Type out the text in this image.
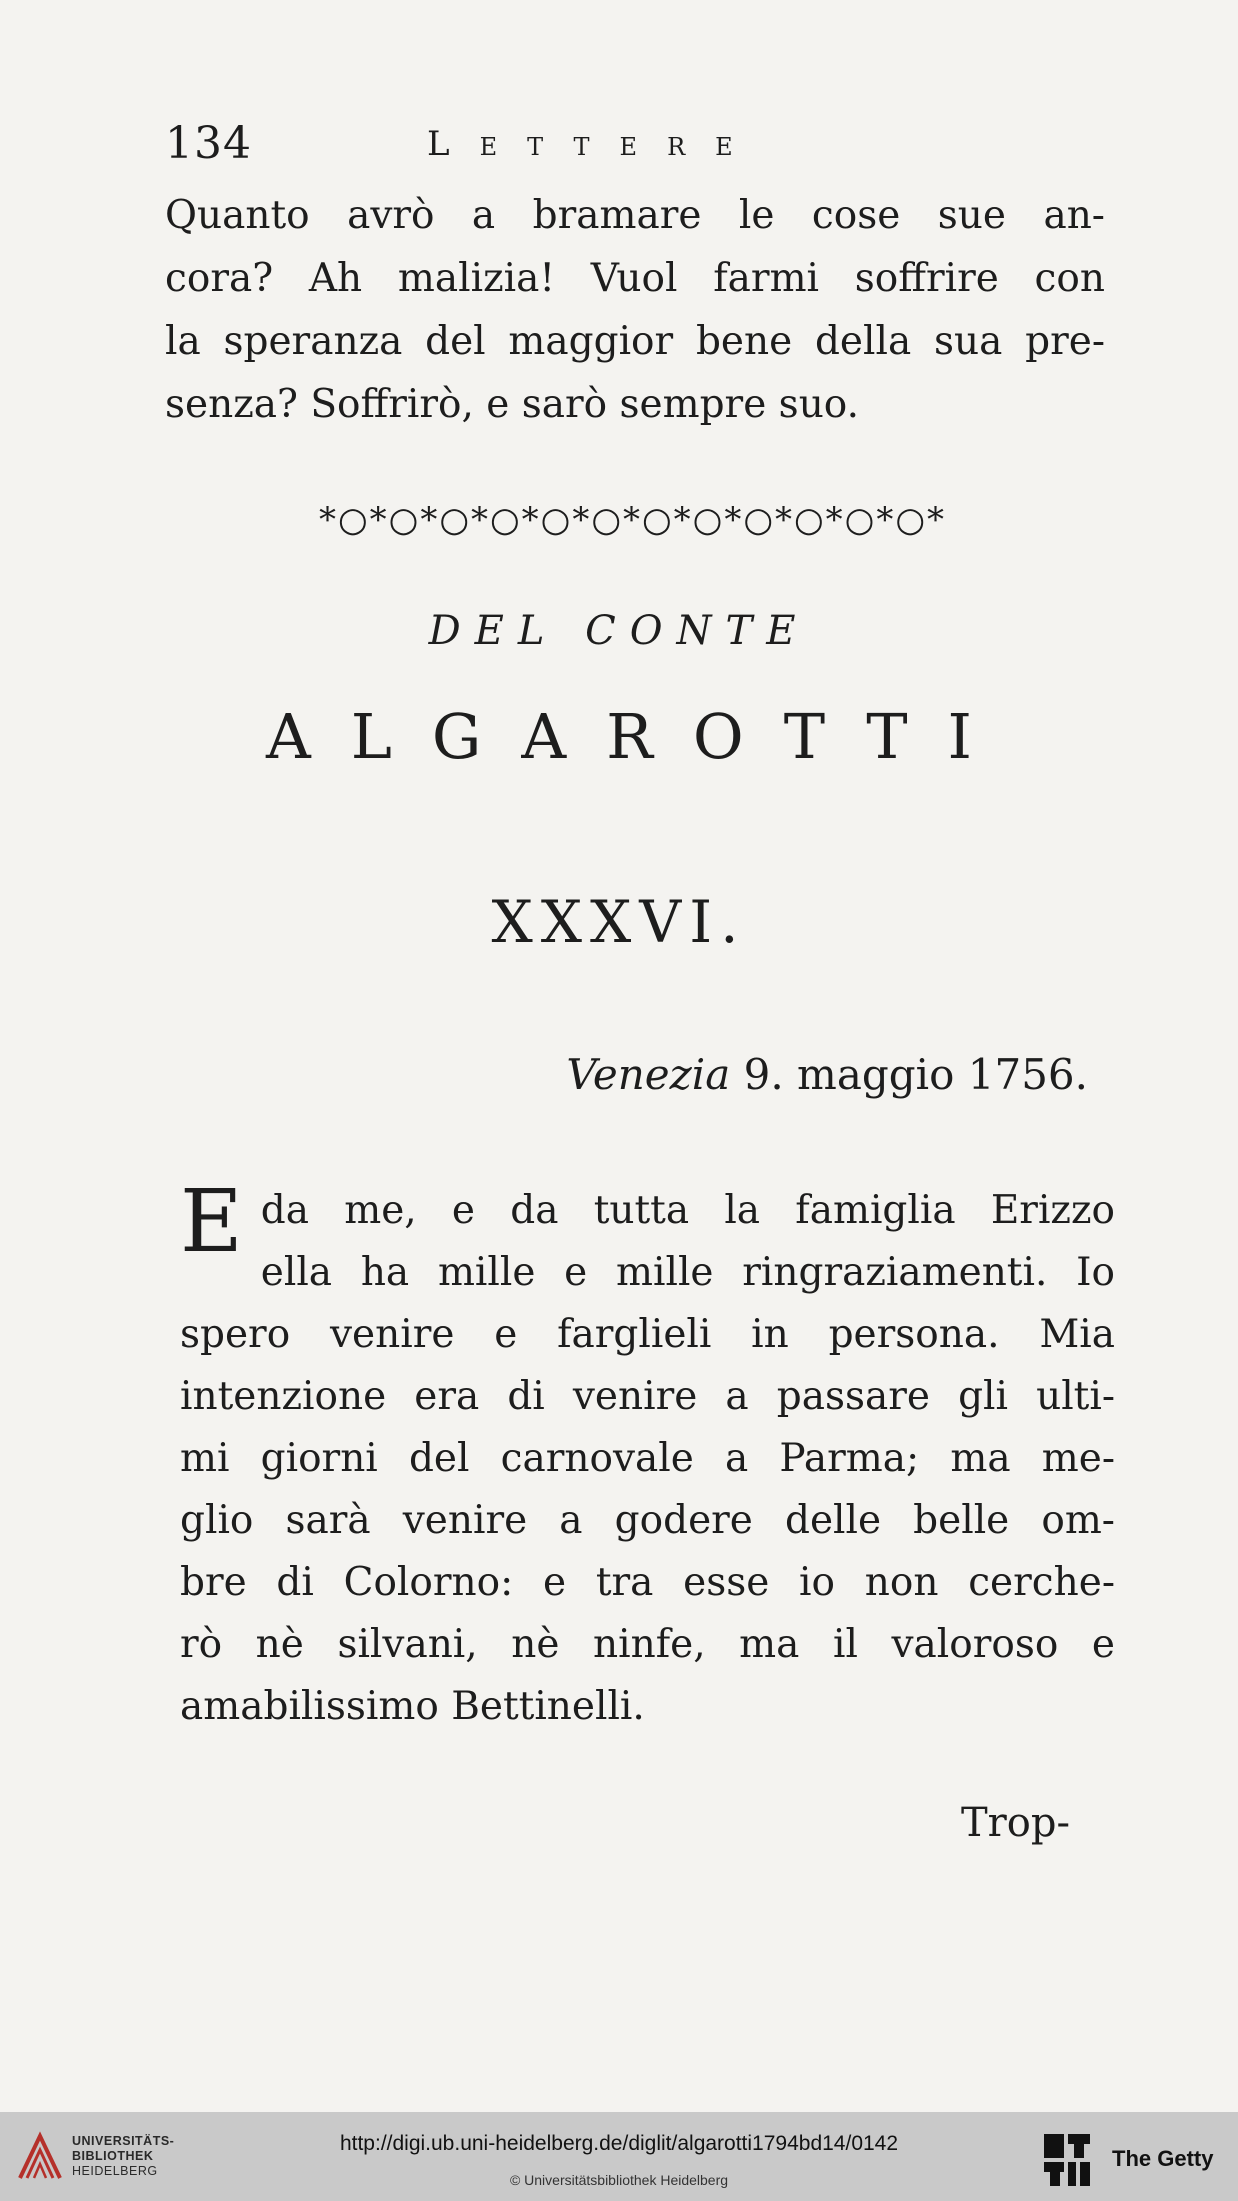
134	Lettere

Quanto avrò a bramare le cose sue an-
cora? Ah malizia! Vuol farmi soffrire con
la speranza del maggior bene della sua pre-
senza? Soffrirò, e sarò sempre suo.

*○*○*○*○*○*○*○*○*○*○*○*○*
DEL CONTE
ALGAROTTI
XXXVI.
Venezia 9. maggio 1756.

E da me, e da tutta la famiglia Erizzo
ella ha mille e mille ringraziamenti. Io
spero venire e farglieli in persona. Mia
intenzione era di venire a passare gli ulti-
mi giorni del carnovale a Parma; ma me-
glio sarà venire a godere delle belle om-
bre di Colorno: e tra esse io non cerche-
rò nè silvani, nè ninfe, ma il valoroso e
amabilissimo Bettinelli.

Trop-
UNIVERSITÄTS-
BIBLIOTHEK
HEIDELBERG
http://digi.ub.uni-heidelberg.de/diglit/algarotti1794bd14/0142
© Universitätsbibliothek Heidelberg
The Getty
